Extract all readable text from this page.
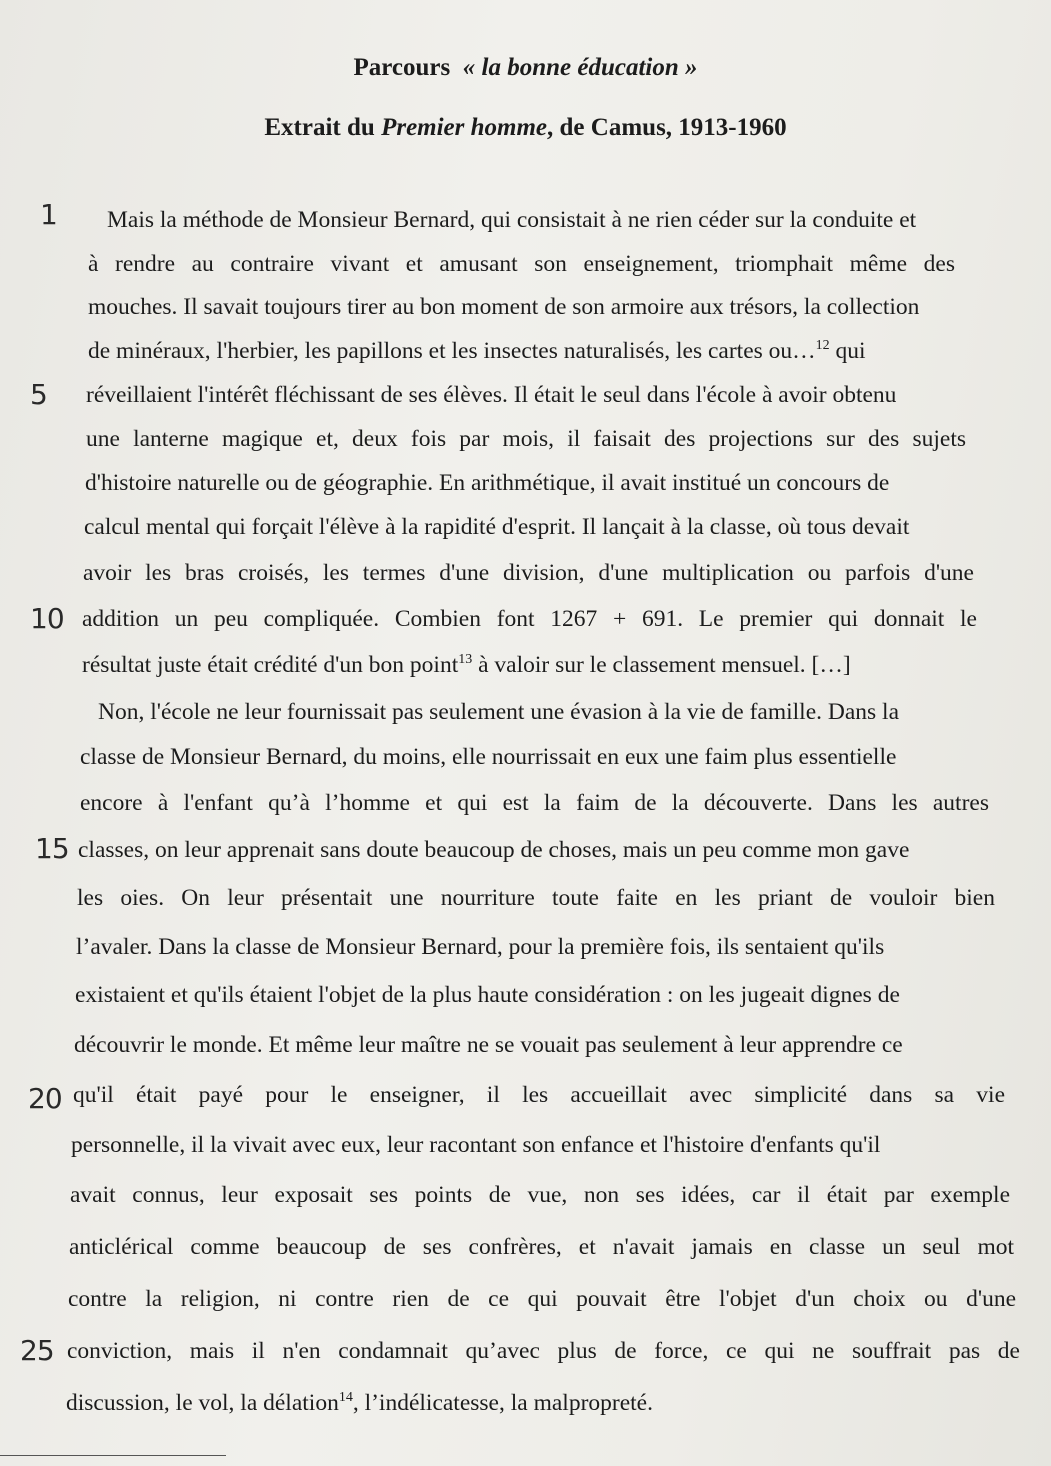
Parcours « la bonne éducation »
Extrait du Premier homme, de Camus, 1913-1960
1
5
10
15
20
25
Mais la méthode de Monsieur Bernard, qui consistait à ne rien céder sur la conduite et
à rendre au contraire vivant et amusant son enseignement, triomphait même des
mouches. Il savait toujours tirer au bon moment de son armoire aux trésors, la collection
de minéraux, l'herbier, les papillons et les insectes naturalisés, les cartes ou…$^{12}$ qui
réveillaient l'intérêt fléchissant de ses élèves. Il était le seul dans l'école à avoir obtenu
une lanterne magique et, deux fois par mois, il faisait des projections sur des sujets
d'histoire naturelle ou de géographie. En arithmétique, il avait institué un concours de
calcul mental qui forçait l'élève à la rapidité d'esprit. Il lançait à la classe, où tous devait
avoir les bras croisés, les termes d'une division, d'une multiplication ou parfois d'une
addition un peu compliquée. Combien font 1267 + 691. Le premier qui donnait le
résultat juste était crédité d'un bon point$^{13}$ à valoir sur le classement mensuel. […]
Non, l'école ne leur fournissait pas seulement une évasion à la vie de famille. Dans la
classe de Monsieur Bernard, du moins, elle nourrissait en eux une faim plus essentielle
encore à l'enfant qu’à l’homme et qui est la faim de la découverte. Dans les autres
classes, on leur apprenait sans doute beaucoup de choses, mais un peu comme mon gave
les oies. On leur présentait une nourriture toute faite en les priant de vouloir bien
l’avaler. Dans la classe de Monsieur Bernard, pour la première fois, ils sentaient qu'ils
existaient et qu'ils étaient l'objet de la plus haute considération : on les jugeait dignes de
découvrir le monde. Et même leur maître ne se vouait pas seulement à leur apprendre ce
qu'il était payé pour le enseigner, il les accueillait avec simplicité dans sa vie
personnelle, il la vivait avec eux, leur racontant son enfance et l'histoire d'enfants qu'il
avait connus, leur exposait ses points de vue, non ses idées, car il était par exemple
anticlérical comme beaucoup de ses confrères, et n'avait jamais en classe un seul mot
contre la religion, ni contre rien de ce qui pouvait être l'objet d'un choix ou d'une
conviction, mais il n'en condamnait qu’avec plus de force, ce qui ne souffrait pas de
discussion, le vol, la délation$^{14}$, l’indélicatesse, la malpropreté.
